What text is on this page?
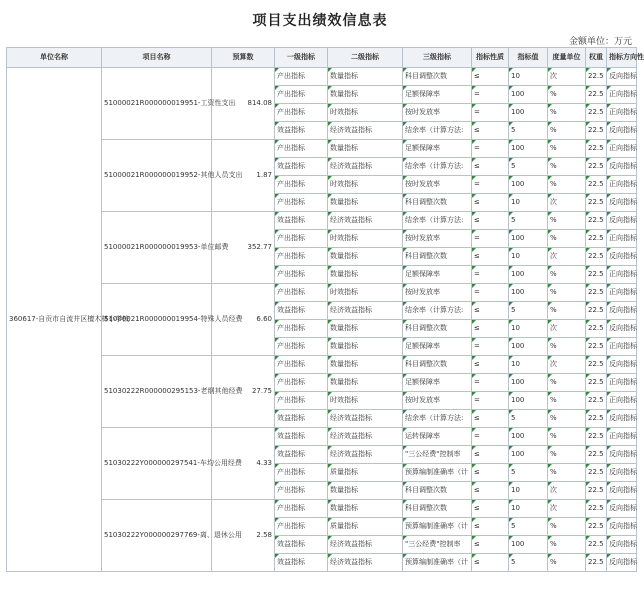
项目支出绩效信息表
金额单位：万元
单位名称	项目名称	预算数	一级指标	二级指标	三级指标	指标性质	指标值	度量单位	权重	指标方向性
360617-自贡市自流井区檀木林小学校	51000021R000000019951-工资性支出	814.08	产出指标	数量指标	科目调整次数	≤	10	次	22.5	反向指标
			产出指标	数量指标	足额保障率	=	100	%	22.5	正向指标
			产出指标	时效指标	按时发放率	=	100	%	22.5	正向指标
			效益指标	经济效益指标	结余率（计算方法:	≤	5	%	22.5	反向指标
	51000021R000000019952-其他人员支出	1.87	产出指标	数量指标	足额保障率	=	100	%	22.5	正向指标
			效益指标	经济效益指标	结余率（计算方法:	≤	5	%	22.5	反向指标
			产出指标	时效指标	按时发放率	=	100	%	22.5	正向指标
			产出指标	数量指标	科目调整次数	≤	10	次	22.5	反向指标
	51000021R000000019953-单位邮费	352.77	效益指标	经济效益指标	结余率（计算方法:	≤	5	%	22.5	反向指标
			产出指标	时效指标	按时发放率	=	100	%	22.5	正向指标
			产出指标	数量指标	科目调整次数	≤	10	次	22.5	反向指标
			产出指标	数量指标	足额保障率	=	100	%	22.5	正向指标
	51000021R000000019954-特殊人员经费	6.60	产出指标	时效指标	按时发放率	=	100	%	22.5	正向指标
			效益指标	经济效益指标	结余率（计算方法:	≤	5	%	22.5	反向指标
			产出指标	数量指标	科目调整次数	≤	10	次	22.5	反向指标
			产出指标	数量指标	足额保障率	=	100	%	22.5	正向指标
	51030222R000000295153-老纲其他经费	27.75	产出指标	数量指标	科目调整次数	≤	10	次	22.5	反向指标
			产出指标	数量指标	足额保障率	=	100	%	22.5	正向指标
			产出指标	时效指标	按时发放率	=	100	%	22.5	正向指标
			效益指标	经济效益指标	结余率（计算方法:	≤	5	%	22.5	反向指标
	51030222Y000000297541-车均公用经费	4.33	效益指标	经济效益指标	运转保障率	=	100	%	22.5	正向指标
			效益指标	经济效益指标	"三公经费"控制率	≤	100	%	22.5	反向指标
			产出指标	质量指标	预算编制准确率（计	≤	5	%	22.5	反向指标
			产出指标	数量指标	科目调整次数	≤	10	次	22.5	反向指标
	51030222Y000000297769-离、退休公用	2.58	产出指标	数量指标	科目调整次数	≤	10	次	22.5	反向指标
			产出指标	质量指标	预算编制准确率（计	≤	5	%	22.5	反向指标
			效益指标	经济效益指标	"三公经费"控制率	≤	100	%	22.5	反向指标
			效益指标	经济效益指标	预算编制准确率（计	≤	5	%	22.5	反向指标
